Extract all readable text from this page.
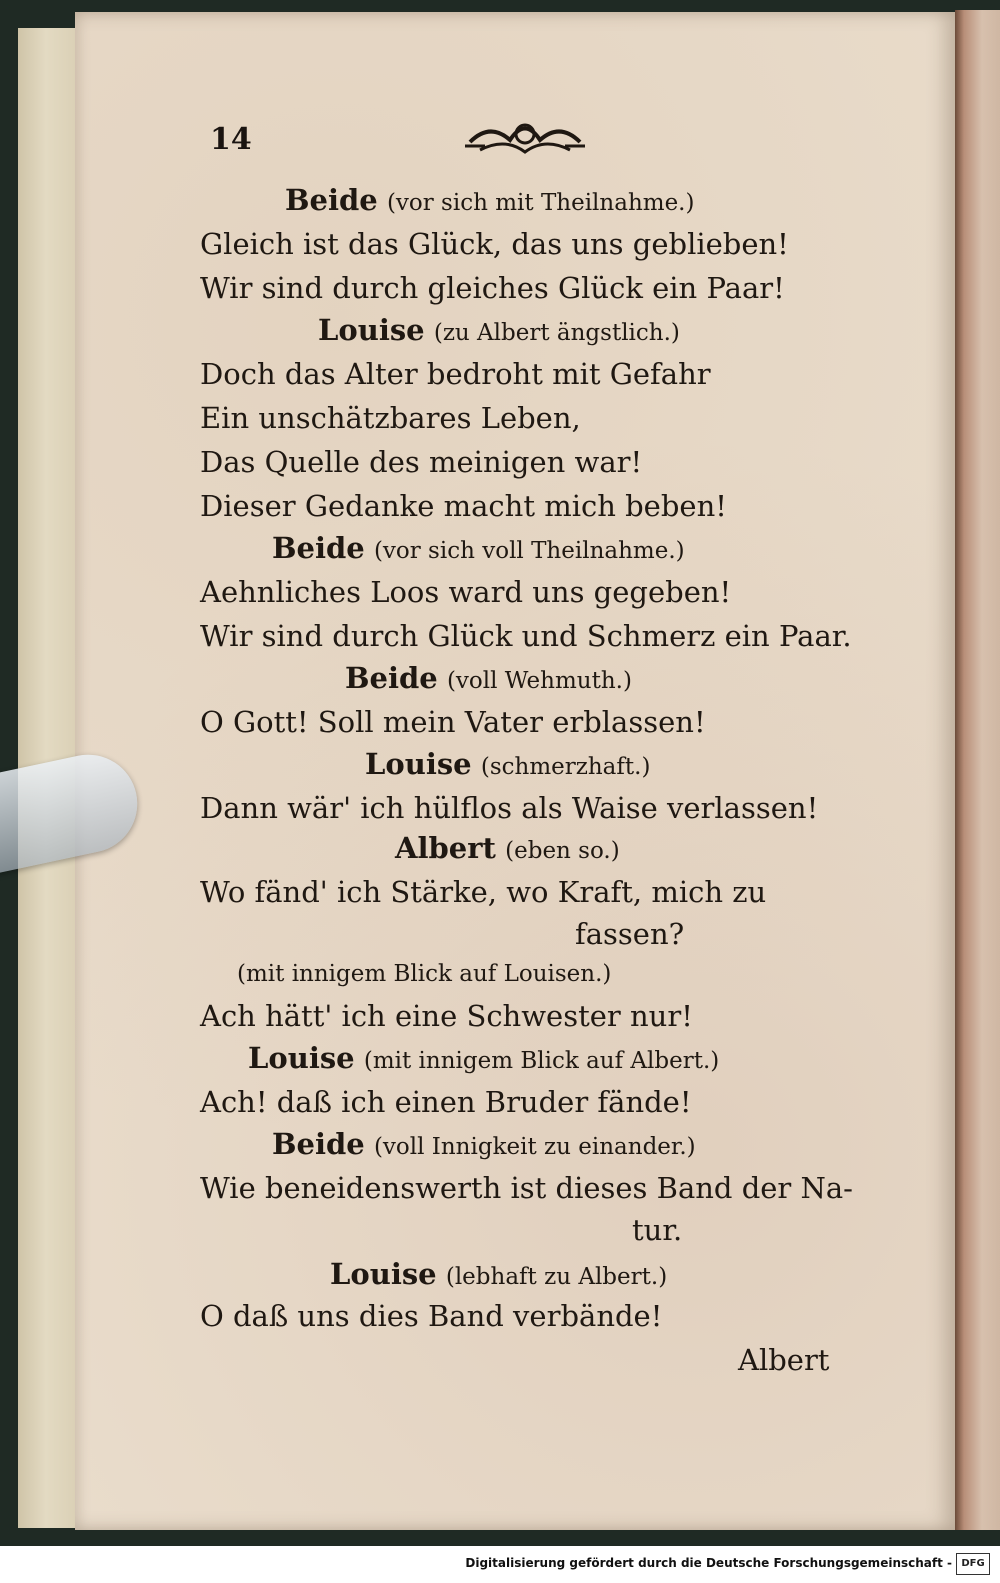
14
Beide (vor sich mit Theilnahme.)
Gleich ist das Glück, das uns geblieben!
Wir sind durch gleiches Glück ein Paar!
Louise (zu Albert ängstlich.)
Doch das Alter bedroht mit Gefahr
Ein unschätzbares Leben,
Das Quelle des meinigen war!
Dieser Gedanke macht mich beben!
Beide (vor sich voll Theilnahme.)
Aehnliches Loos ward uns gegeben!
Wir sind durch Glück und Schmerz ein Paar.
Beide (voll Wehmuth.)
O Gott! Soll mein Vater erblassen!
Louise (schmerzhaft.)
Dann wär' ich hülflos als Waise verlassen!
Albert (eben so.)
Wo fänd' ich Stärke, wo Kraft, mich zu
fassen?
(mit innigem Blick auf Louisen.)
Ach hätt' ich eine Schwester nur!
Louise (mit innigem Blick auf Albert.)
Ach! daß ich einen Bruder fände!
Beide (voll Innigkeit zu einander.)
Wie beneidenswerth ist dieses Band der Na-
tur.
Louise (lebhaft zu Albert.)
O daß uns dies Band verbände!
Albert
Digitalisierung gefördert durch die Deutsche Forschungsgemeinschaft - DFG
